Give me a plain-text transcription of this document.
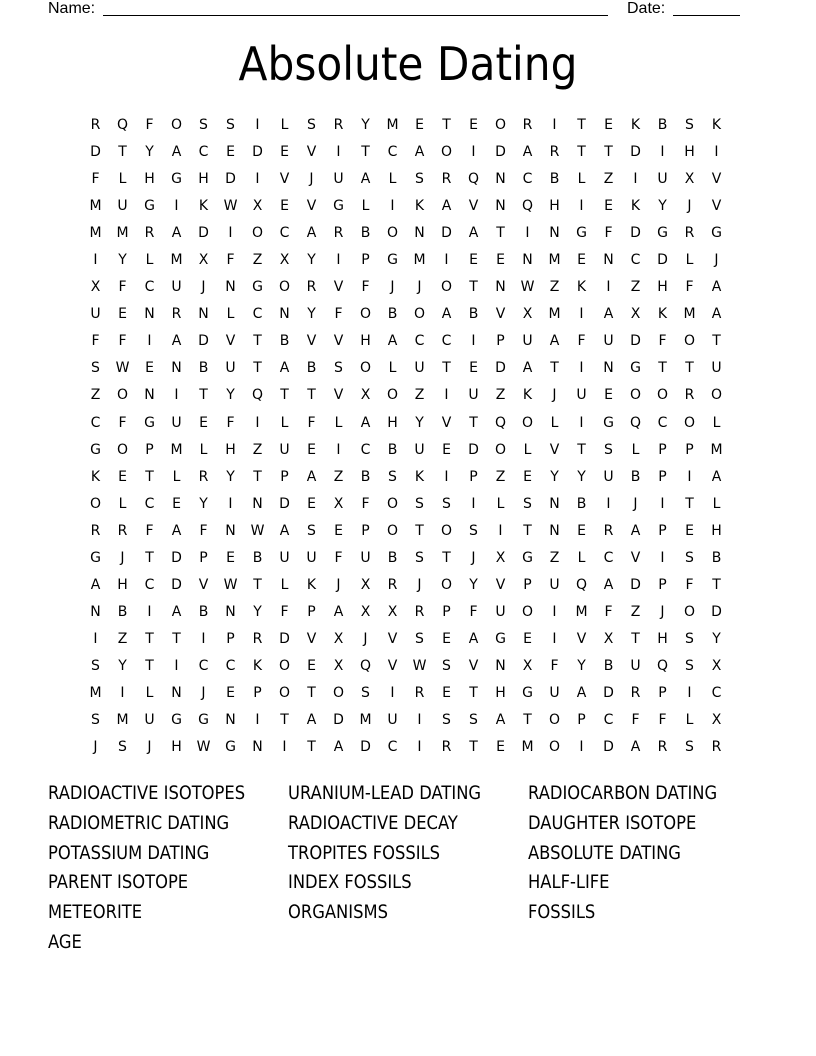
Name:	Date:
Absolute Dating
R	Q	F	O	S	S	I	L	S	R	Y	M	E	T	E	O	R	I	T	E	K	B	S	K
D	T	Y	A	C	E	D	E	V	I	T	C	A	O	I	D	A	R	T	T	D	I	H	I
F	L	H	G	H	D	I	V	J	U	A	L	S	R	Q	N	C	B	L	Z	I	U	X	V
M	U	G	I	K	W	X	E	V	G	L	I	K	A	V	N	Q	H	I	E	K	Y	J	V
M	M	R	A	D	I	O	C	A	R	B	O	N	D	A	T	I	N	G	F	D	G	R	G
I	Y	L	M	X	F	Z	X	Y	I	P	G	M	I	E	E	N	M	E	N	C	D	L	J
X	F	C	U	J	N	G	O	R	V	F	J	J	O	T	N	W	Z	K	I	Z	H	F	A
U	E	N	R	N	L	C	N	Y	F	O	B	O	A	B	V	X	M	I	A	X	K	M	A
F	F	I	A	D	V	T	B	V	V	H	A	C	C	I	P	U	A	F	U	D	F	O	T
S	W	E	N	B	U	T	A	B	S	O	L	U	T	E	D	A	T	I	N	G	T	T	U
Z	O	N	I	T	Y	Q	T	T	V	X	O	Z	I	U	Z	K	J	U	E	O	O	R	O
C	F	G	U	E	F	I	L	F	L	A	H	Y	V	T	Q	O	L	I	G	Q	C	O	L
G	O	P	M	L	H	Z	U	E	I	C	B	U	E	D	O	L	V	T	S	L	P	P	M
K	E	T	L	R	Y	T	P	A	Z	B	S	K	I	P	Z	E	Y	Y	U	B	P	I	A
O	L	C	E	Y	I	N	D	E	X	F	O	S	S	I	L	S	N	B	I	J	I	T	L
R	R	F	A	F	N	W	A	S	E	P	O	T	O	S	I	T	N	E	R	A	P	E	H
G	J	T	D	P	E	B	U	U	F	U	B	S	T	J	X	G	Z	L	C	V	I	S	B
A	H	C	D	V	W	T	L	K	J	X	R	J	O	Y	V	P	U	Q	A	D	P	F	T
N	B	I	A	B	N	Y	F	P	A	X	X	R	P	F	U	O	I	M	F	Z	J	O	D
I	Z	T	T	I	P	R	D	V	X	J	V	S	E	A	G	E	I	V	X	T	H	S	Y
S	Y	T	I	C	C	K	O	E	X	Q	V	W	S	V	N	X	F	Y	B	U	Q	S	X
M	I	L	N	J	E	P	O	T	O	S	I	R	E	T	H	G	U	A	D	R	P	I	C
S	M	U	G	G	N	I	T	A	D	M	U	I	S	S	A	T	O	P	C	F	F	L	X
J	S	J	H	W	G	N	I	T	A	D	C	I	R	T	E	M	O	I	D	A	R	S	R
RADIOACTIVE ISOTOPES	URANIUM-LEAD DATING	RADIOCARBON DATING
RADIOMETRIC DATING	RADIOACTIVE DECAY	DAUGHTER ISOTOPE
POTASSIUM DATING	TROPITES FOSSILS	ABSOLUTE DATING
PARENT ISOTOPE	INDEX FOSSILS	HALF-LIFE
METEORITE	ORGANISMS	FOSSILS
AGE
